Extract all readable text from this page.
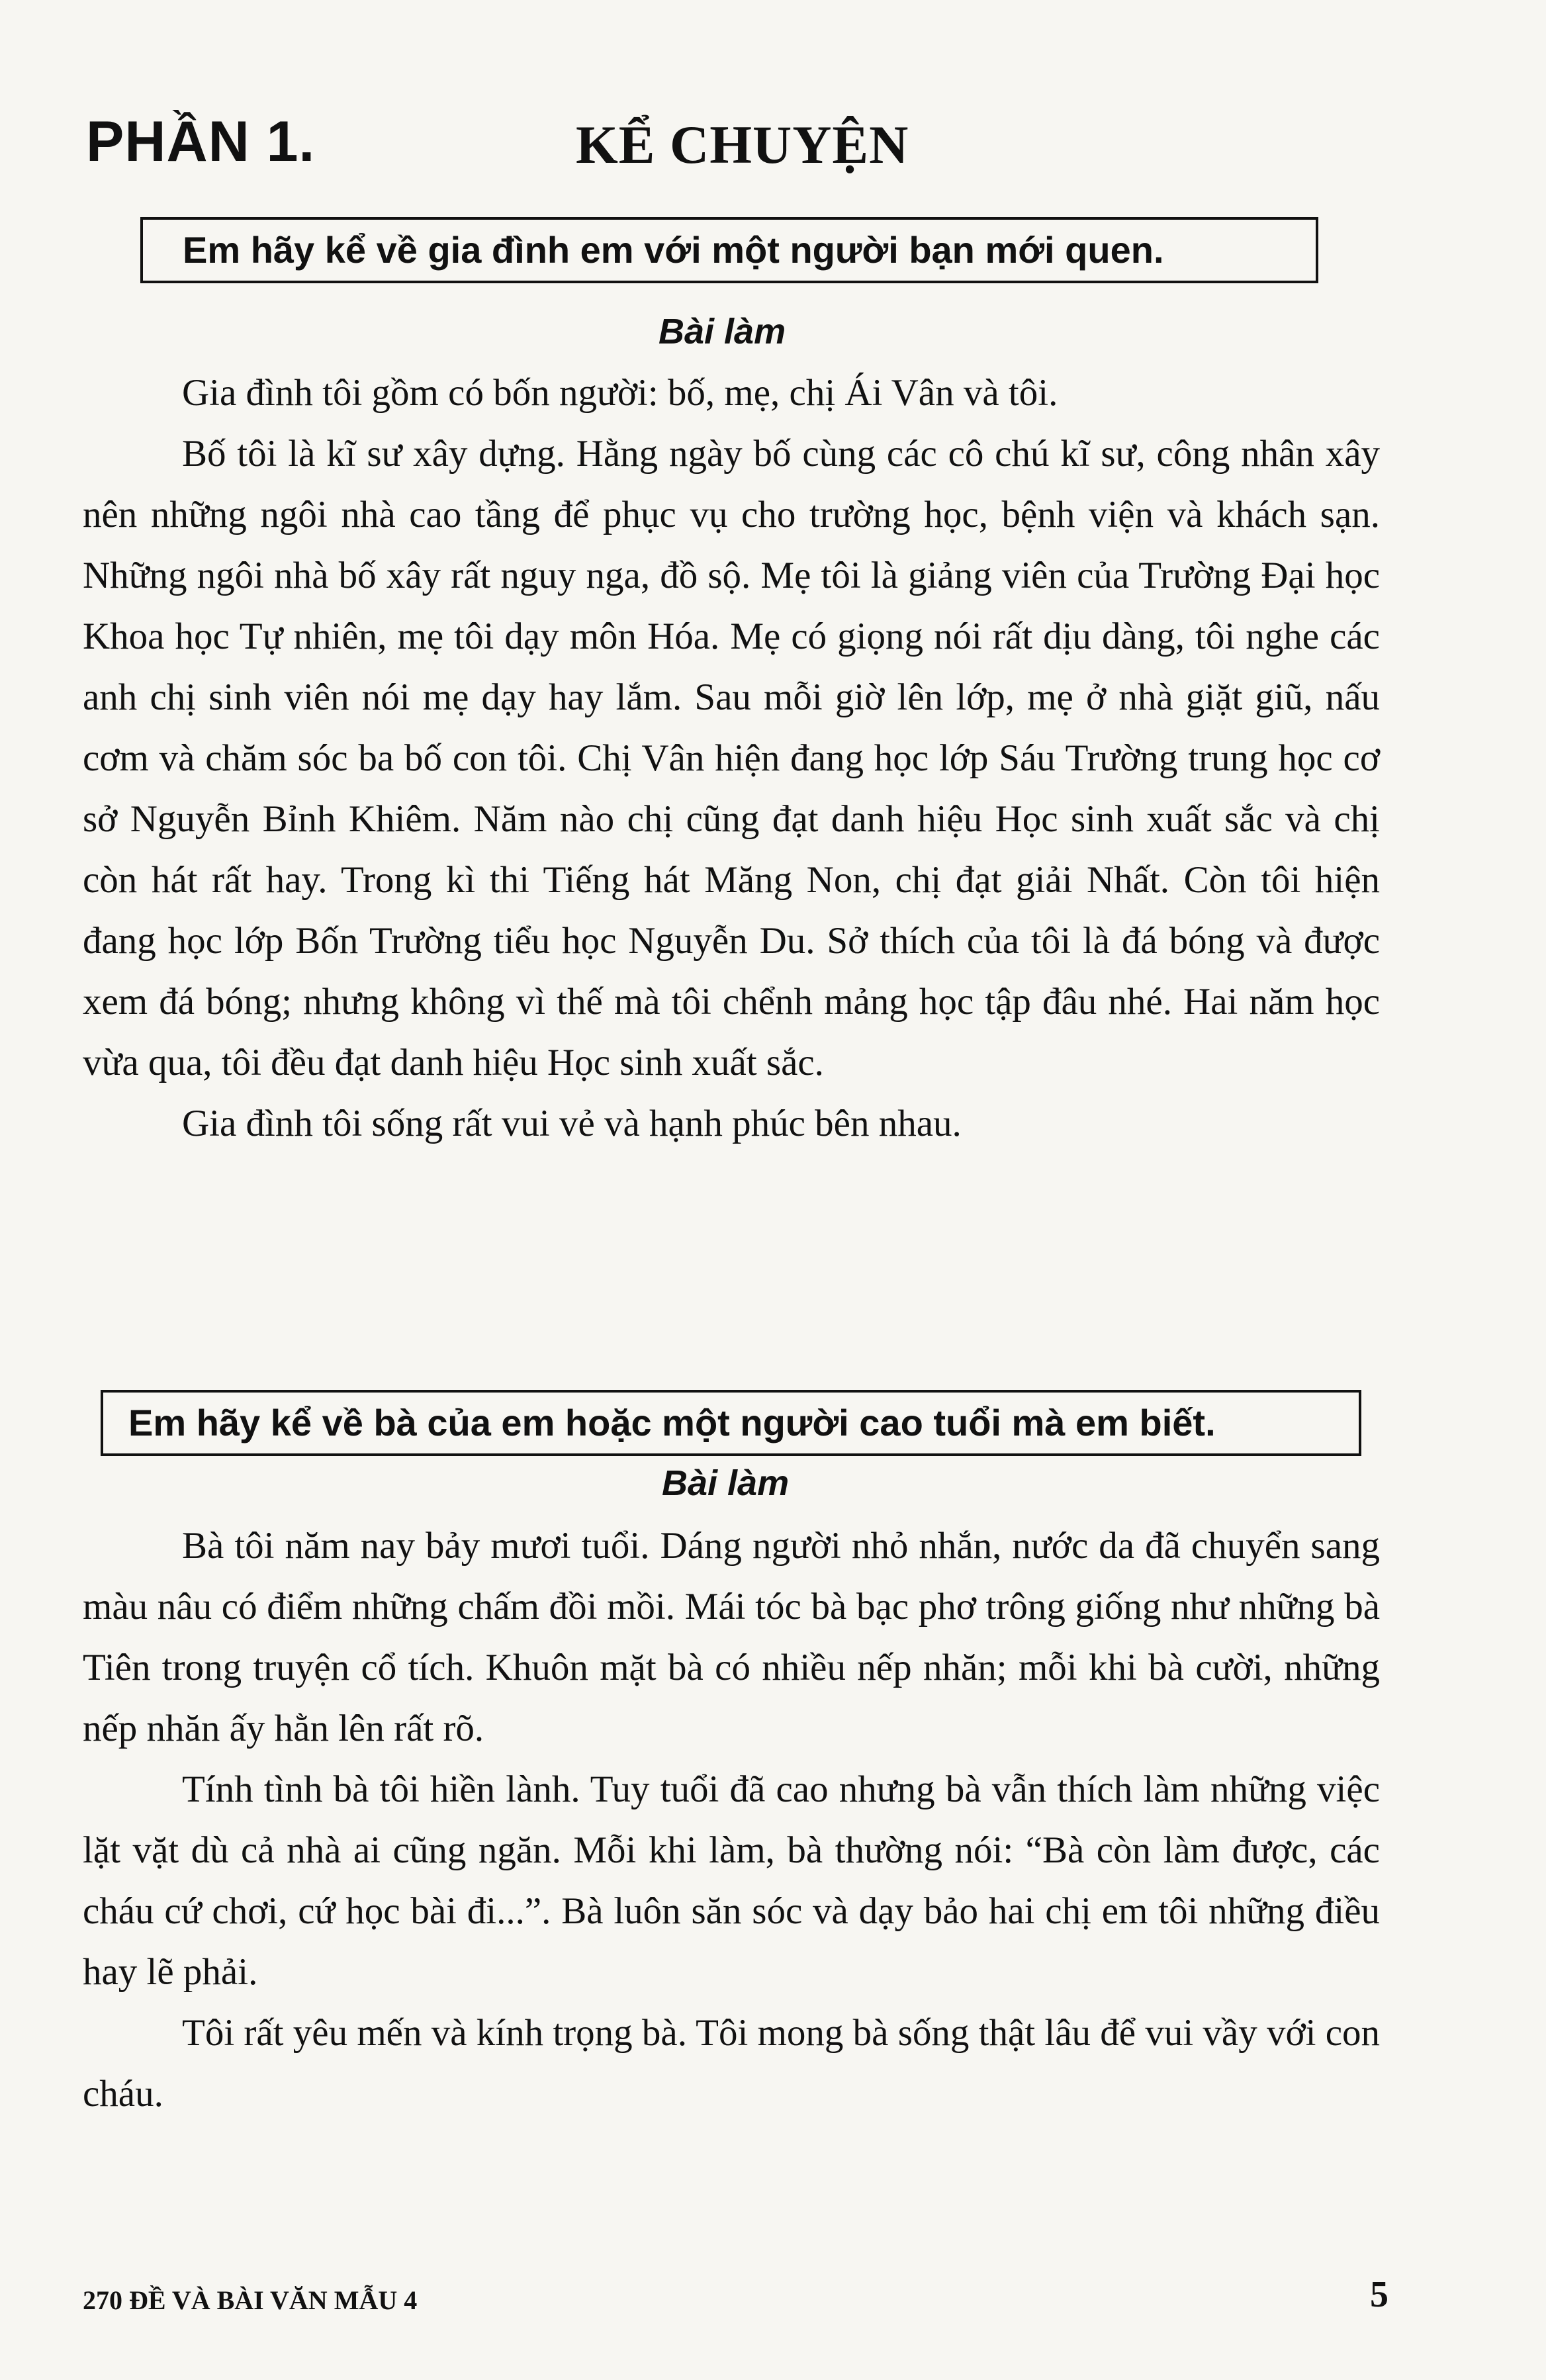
PHẦN 1.	KỂ CHUYỆN
Em hãy kể về gia đình em với một người bạn mới quen.
Bài làm

Gia đình tôi gồm có bốn người: bố, mẹ, chị Ái Vân và tôi.

Bố tôi là kĩ sư xây dựng. Hằng ngày bố cùng các cô chú kĩ sư, công nhân xây nên những ngôi nhà cao tầng để phục vụ cho trường học, bệnh viện và khách sạn. Những ngôi nhà bố xây rất nguy nga, đồ sộ. Mẹ tôi là giảng viên của Trường Đại học Khoa học Tự nhiên, mẹ tôi dạy môn Hóa. Mẹ có giọng nói rất dịu dàng, tôi nghe các anh chị sinh viên nói mẹ dạy hay lắm. Sau mỗi giờ lên lớp, mẹ ở nhà giặt giũ, nấu cơm và chăm sóc ba bố con tôi. Chị Vân hiện đang học lớp Sáu Trường trung học cơ sở Nguyễn Bỉnh Khiêm. Năm nào chị cũng đạt danh hiệu Học sinh xuất sắc và chị còn hát rất hay. Trong kì thi Tiếng hát Măng Non, chị đạt giải Nhất. Còn tôi hiện đang học lớp Bốn Trường tiểu học Nguyễn Du. Sở thích của tôi là đá bóng và được xem đá bóng; nhưng không vì thế mà tôi chểnh mảng học tập đâu nhé. Hai năm học vừa qua, tôi đều đạt danh hiệu Học sinh xuất sắc.

Gia đình tôi sống rất vui vẻ và hạnh phúc bên nhau.

Em hãy kể về bà của em hoặc một người cao tuổi mà em biết.
Bài làm

Bà tôi năm nay bảy mươi tuổi. Dáng người nhỏ nhắn, nước da đã chuyển sang màu nâu có điểm những chấm đồi mồi. Mái tóc bà bạc phơ trông giống như những bà Tiên trong truyện cổ tích. Khuôn mặt bà có nhiều nếp nhăn; mỗi khi bà cười, những nếp nhăn ấy hằn lên rất rõ.

Tính tình bà tôi hiền lành. Tuy tuổi đã cao nhưng bà vẫn thích làm những việc lặt vặt dù cả nhà ai cũng ngăn. Mỗi khi làm, bà thường nói: “Bà còn làm được, các cháu cứ chơi, cứ học bài đi...”. Bà luôn săn sóc và dạy bảo hai chị em tôi những điều hay lẽ phải.

Tôi rất yêu mến và kính trọng bà. Tôi mong bà sống thật lâu để vui vầy với con cháu.

270 ĐỀ VÀ BÀI VĂN MẪU 4	5
